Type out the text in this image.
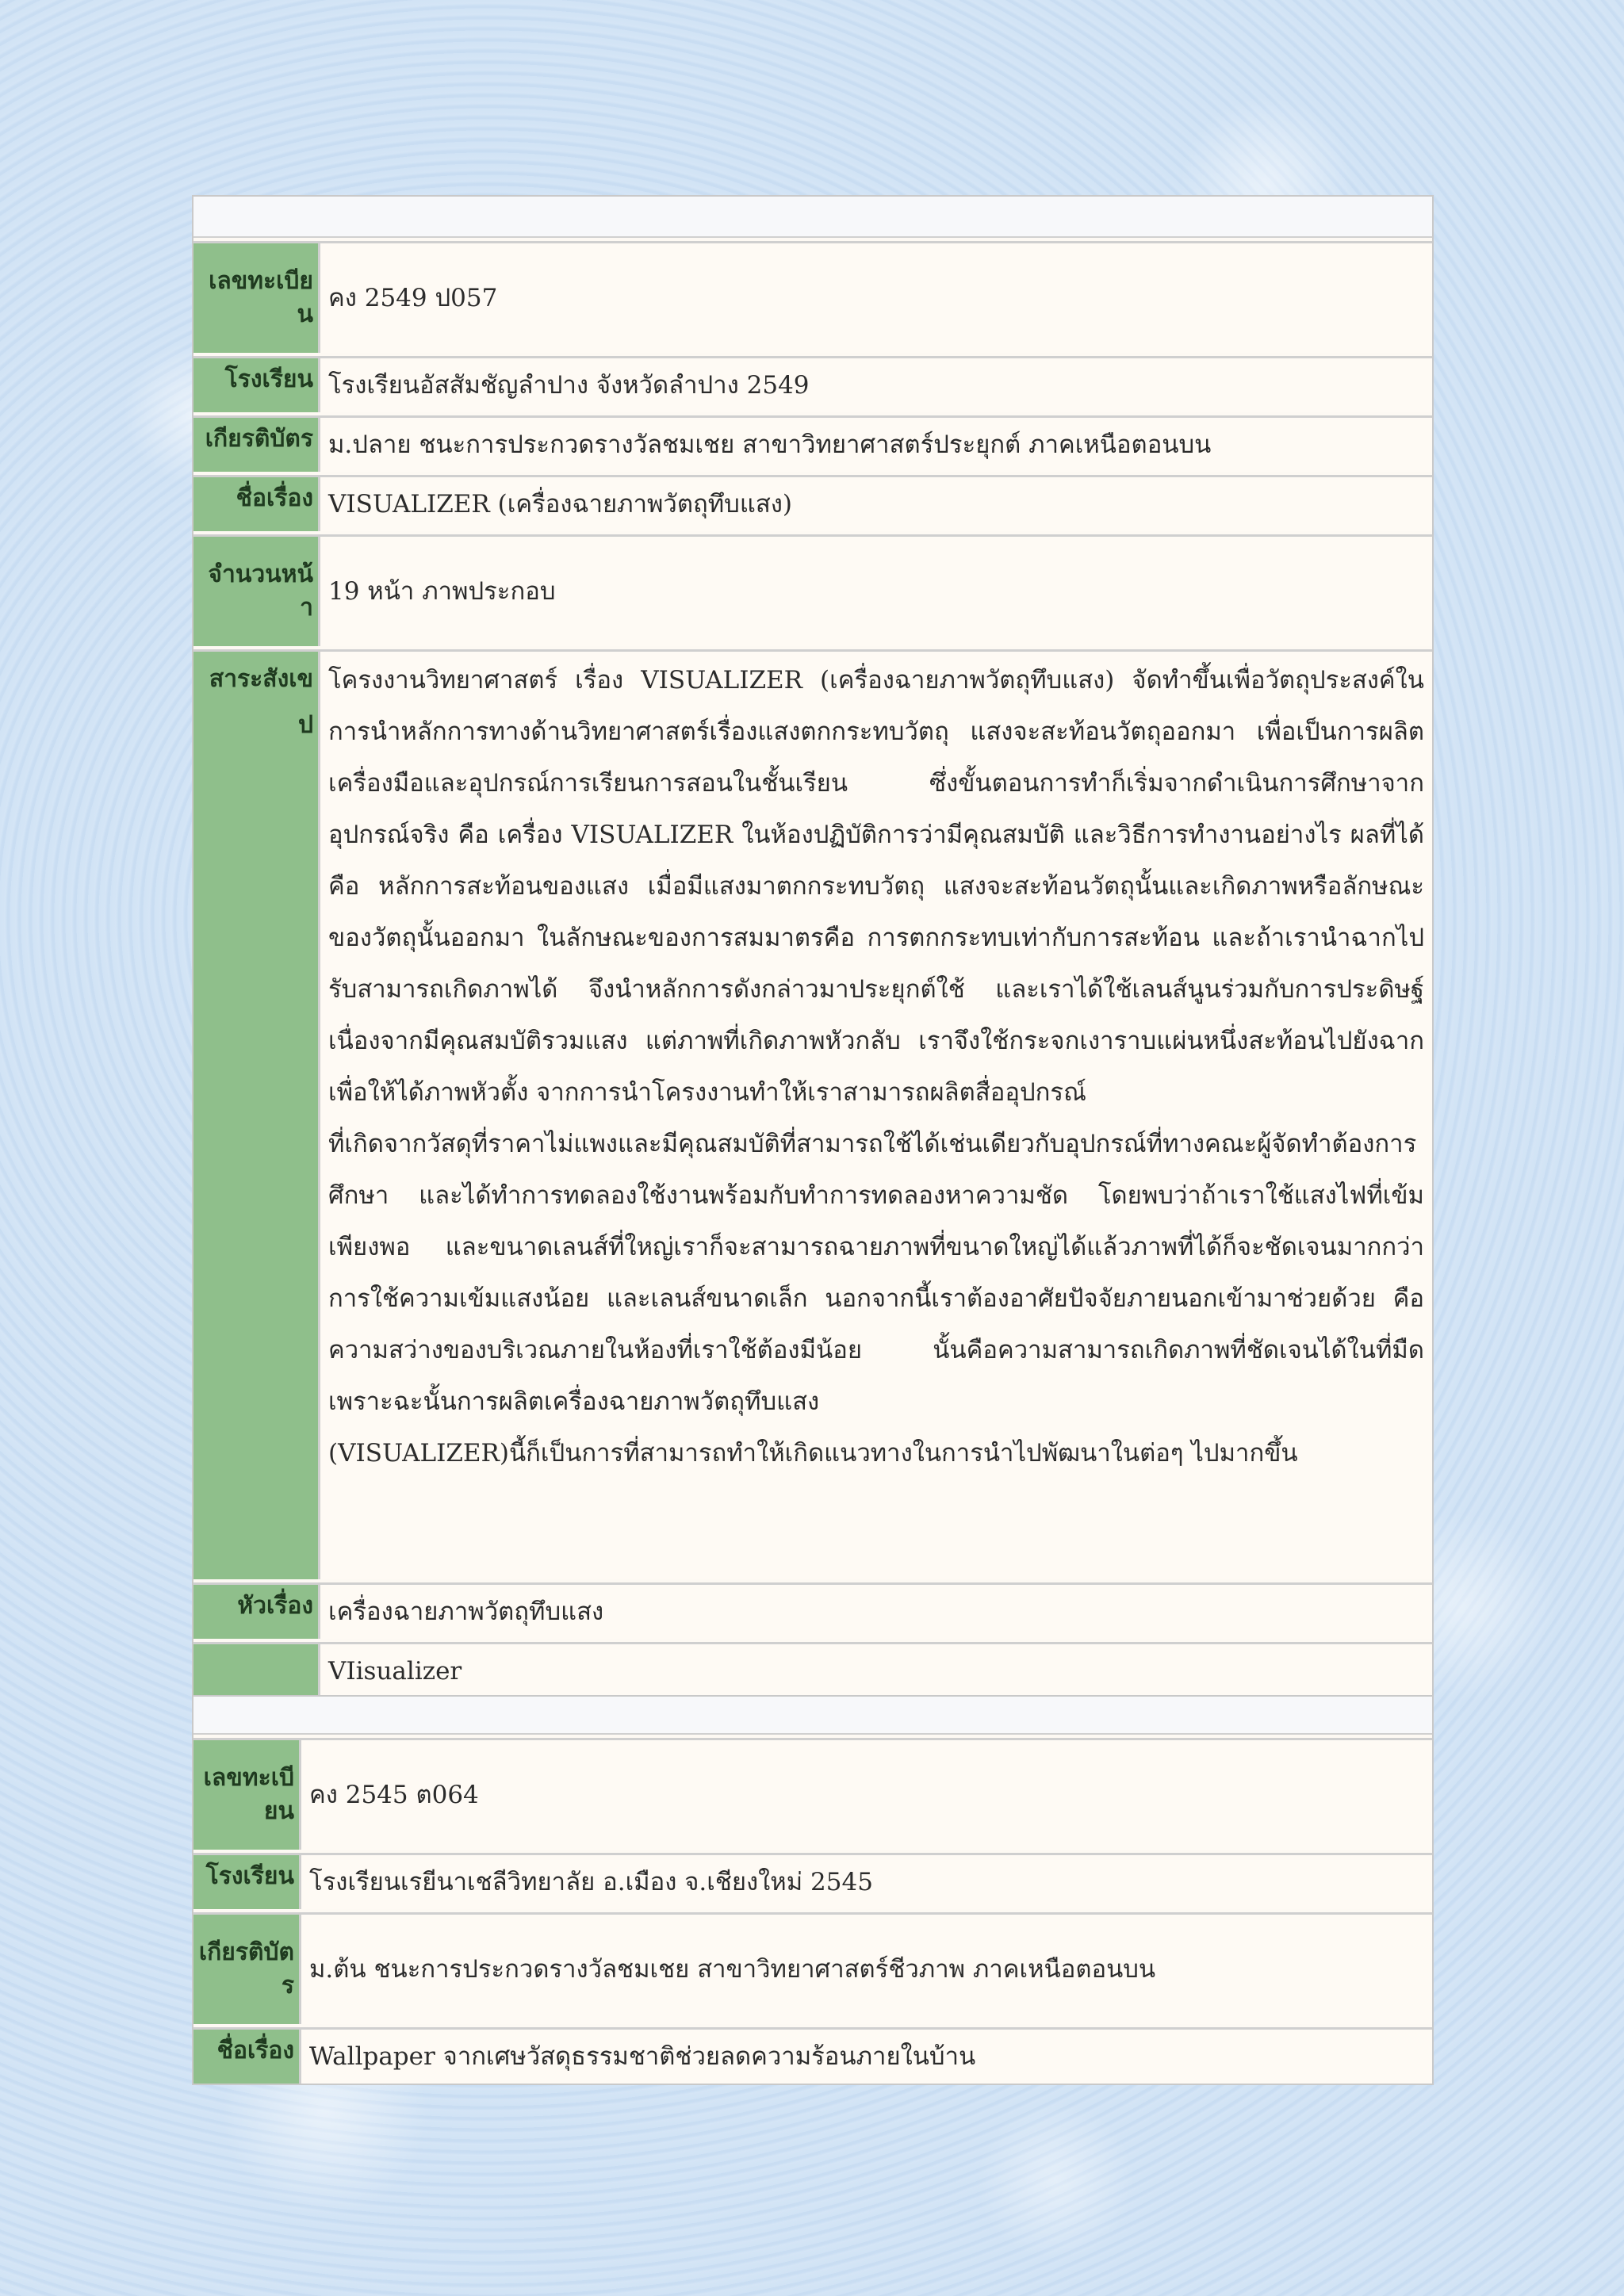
เลขทะเบียน
คง 2549 ป057
โรงเรียน โรงเรียนอัสสัมชัญลำปาง จังหวัดลำปาง 2549
เกียรติบัตร ม.ปลาย ชนะการประกวดรางวัลชมเชย สาขาวิทยาศาสตร์ประยุกต์ ภาคเหนือตอนบน
ชื่อเรื่อง VISUALIZER (เครื่องฉายภาพวัตถุทึบแสง)
จำนวนหน้า
19 หน้า ภาพประกอบ
สาระสังเขป

โครงงานวิทยาศาสตร์ เรื่อง VISUALIZER (เครื่องฉายภาพวัตถุทึบแสง) จัดทำขึ้นเพื่อวัตถุประสงค์ในการนำหลักการทางด้านวิทยาศาสตร์เรื่องแสงตกกระทบวัตถุ แสงจะสะท้อนวัตถุออกมา เพื่อเป็นการผลิตเครื่องมือและอุปกรณ์การเรียนการสอนในชั้นเรียน ซึ่งขั้นตอนการทำก็เริ่มจากดำเนินการศึกษาจากอุปกรณ์จริง คือ เครื่อง VISUALIZER ในห้องปฏิบัติการว่ามีคุณสมบัติ และวิธีการทำงานอย่างไร ผลที่ได้คือ หลักการสะท้อนของแสง เมื่อมีแสงมาตกกระทบวัตถุ แสงจะสะท้อนวัตถุนั้นและเกิดภาพหรือลักษณะของวัตถุนั้นออกมา ในลักษณะของการสมมาตรคือ การตกกระทบเท่ากับการสะท้อน และถ้าเรานำฉากไปรับสามารถเกิดภาพได้ จึงนำหลักการดังกล่าวมาประยุกต์ใช้ และเราได้ใช้เลนส์นูนร่วมกับการประดิษฐ์เนื่องจากมีคุณสมบัติรวมแสง แต่ภาพที่เกิดภาพหัวกลับ เราจึงใช้กระจกเงาราบแผ่นหนึ่งสะท้อนไปยังฉากเพื่อให้ได้ภาพหัวตั้ง จากการนำโครงงานทำให้เราสามารถผลิตสื่ออุปกรณ์

ที่เกิดจากวัสดุที่ราคาไม่แพงและมีคุณสมบัติที่สามารถใช้ได้เช่นเดียวกับอุปกรณ์ที่ทางคณะผู้จัดทำต้องการศึกษา และได้ทำการทดลองใช้งานพร้อมกับทำการทดลองหาความชัด โดยพบว่าถ้าเราใช้แสงไฟที่เข้มเพียงพอ และขนาดเลนส์ที่ใหญ่เราก็จะสามารถฉายภาพที่ขนาดใหญ่ได้แล้วภาพที่ได้ก็จะชัดเจนมากกว่าการใช้ความเข้มแสงน้อย และเลนส์ขนาดเล็ก นอกจากนี้เราต้องอาศัยปัจจัยภายนอกเข้ามาช่วยด้วย คือ ความสว่างของบริเวณภายในห้องที่เราใช้ต้องมีน้อย นั้นคือความสามารถเกิดภาพที่ชัดเจนได้ในที่มืด เพราะฉะนั้นการผลิตเครื่องฉายภาพวัตถุทึบแสง

(VISUALIZER)นี้ก็เป็นการที่สามารถทำให้เกิดแนวทางในการนำไปพัฒนาในต่อๆ ไปมากขึ้น

หัวเรื่อง เครื่องฉายภาพวัตถุทึบแสง
VIisualizer
เลขทะเบียน
คง 2545 ต064
โรงเรียน โรงเรียนเรยีนาเชลีวิทยาลัย อ.เมือง จ.เชียงใหม่ 2545
เกียรติบัตร
ม.ต้น ชนะการประกวดรางวัลชมเชย สาขาวิทยาศาสตร์ชีวภาพ ภาคเหนือตอนบน
ชื่อเรื่อง Wallpaper จากเศษวัสดุธรรมชาติช่วยลดความร้อนภายในบ้าน
